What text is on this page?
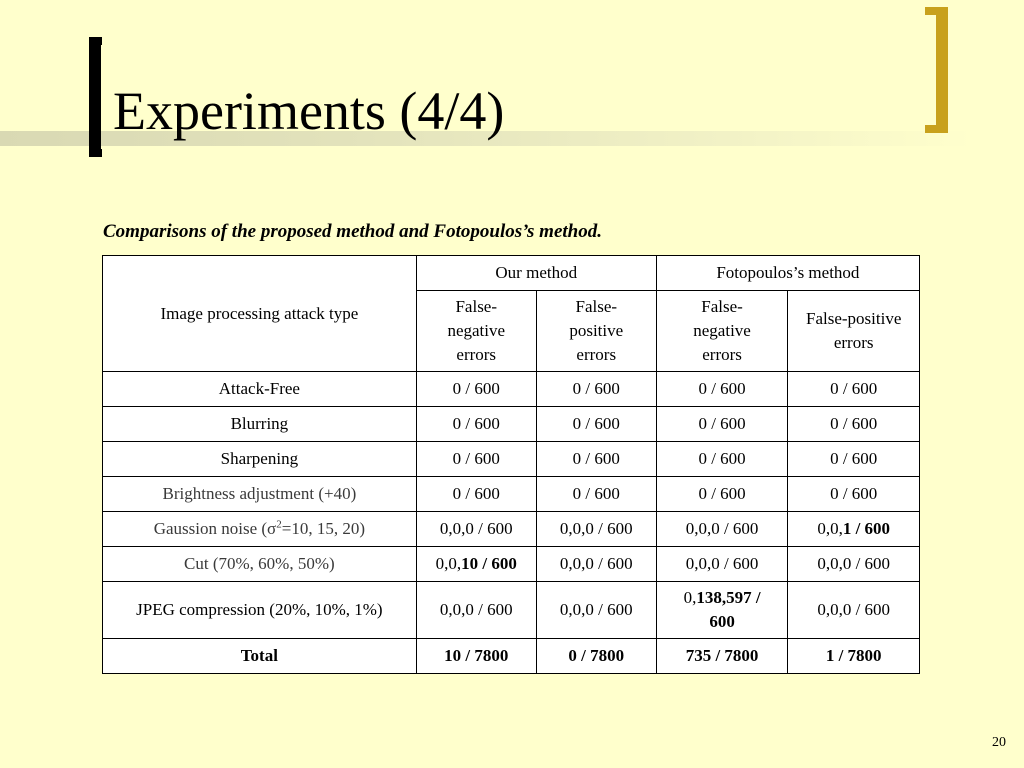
Experiments (4/4)
Comparisons of the proposed method and Fotopoulos’s method.
Image processing attack type	Our method		Fotopoulos’s method	
	False-negative errors	False-positive errors	False-negative errors	False-positive errors
Attack-Free	0 / 600	0 / 600	0 / 600	0 / 600
Blurring	0 / 600	0 / 600	0 / 600	0 / 600
Sharpening	0 / 600	0 / 600	0 / 600	0 / 600
Brightness adjustment (+40)	0 / 600	0 / 600	0 / 600	0 / 600
Gaussion noise ($\sigma^2=10$, 15, 20)	0,0,0 / 600	0,0,0 / 600	0,0,0 / 600	0,0,1 / 600
Cut (70%, 60%, 50%)	0,0,10 / 600	0,0,0 / 600	0,0,0 / 600	0,0,0 / 600
JPEG compression (20%, 10%, 1%)	0,0,0 / 600	0,0,0 / 600	0,138,597 / 600	0,0,0 / 600
Total	10 / 7800	0 / 7800	735 / 7800	1 / 7800
20
